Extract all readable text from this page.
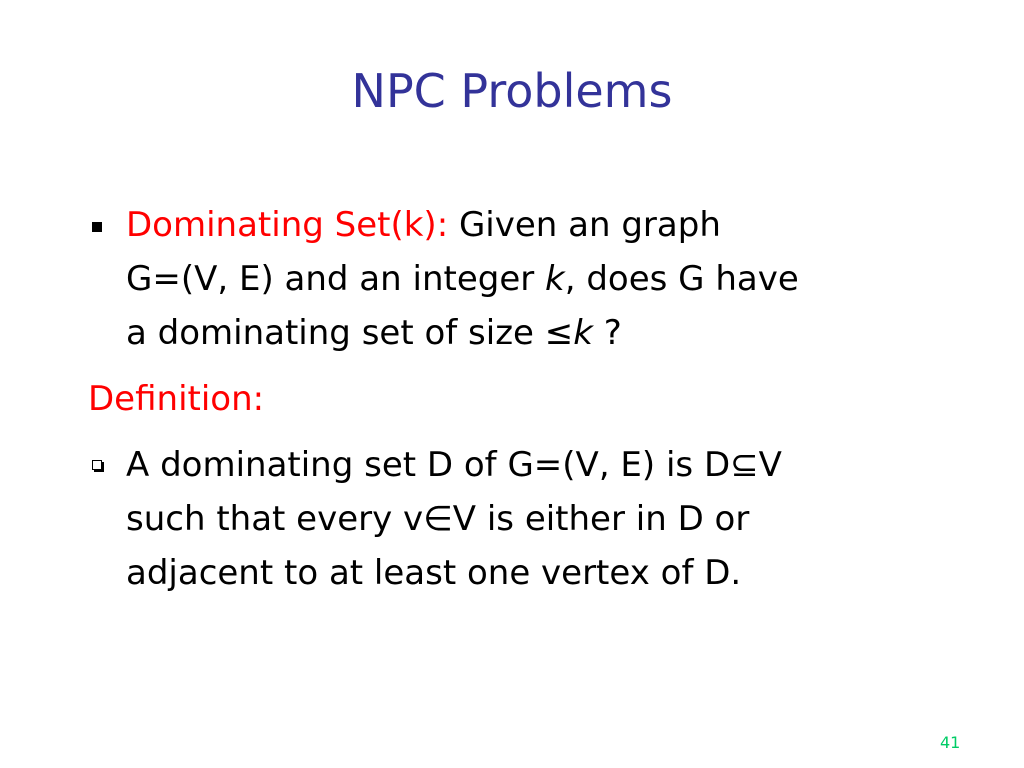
NPC Problems
Dominating Set(k): Given an graph
G=(V, E) and an integer k, does G have
a dominating set of size ≤k ?
Definition:
A dominating set D of G=(V, E) is D⊆V
such that every v∈V is either in D or
adjacent to at least one vertex of D.
41
